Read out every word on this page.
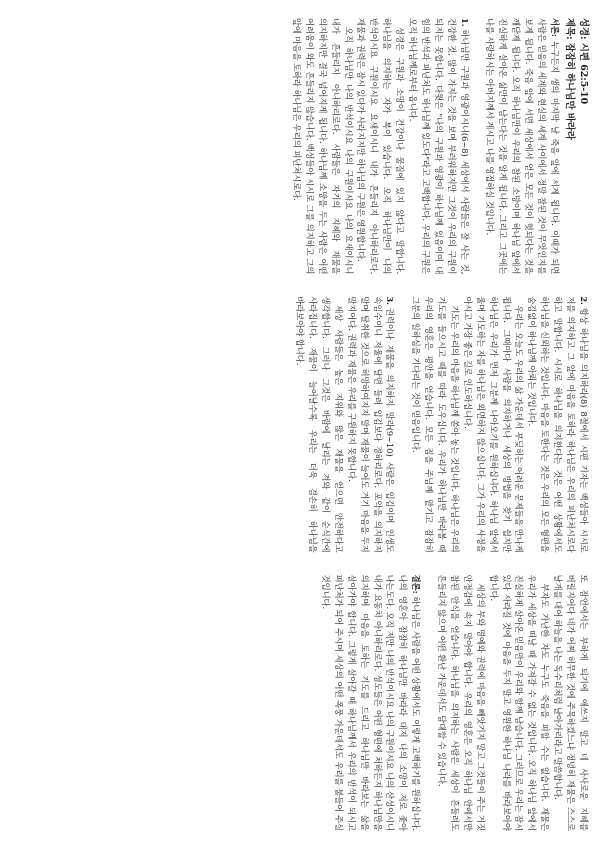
성경: 시편 62:5-10

제목: 잠잠히 하나님만 바라라

서론: 누구든지 생의 마지막 날 죽음 앞에 서게 됩니다. 이때가 되면 사람은 믿음의 세계와 현실의 세계 사이에서 정말 참된 것이 무엇인지를 보게 됩니다. 죽음 앞에 서면 세상에서 얻은 모든 것이 헛되다는 것을 깨닫게 됩니다. 오직 하나님만이 우리의 참된 소망이며 하나님 앞에서 진실하게 살아온 삶만이 남는다는 것을 알게 됩니다. 그리고 그곳에는 나를 사랑하시는 아버지께서 계시고 나를 영접하실 것입니다.

1.하나님만 구원과 영광이시니(6~8) 세상에서 사람들은 잘 사는 것, 건강한 것, 많이 가지는 것을 보며 부러워하지만 그것이 우리의 구원이 되지는 못합니다. 다윗은 "나의 구원과 영광이 하나님께 있음이여 내 힘의 반석과 피난처도 하나님께 있도다"라고 고백합니다. 우리의 구원은 오직 하나님께로부터 옵니다.

성경은 구원과 소망이 건강이나 물질에 있지 않다고 말합니다. 하나님을 의지하는 자가 복이 있습니다. 오직 하나님만이 나의 반석이시요 구원이시요 요새이시니 내가 흔들리지 아니하리로다. 재물과 권력은 잠시 있다가 사라지지만 하나님의 구원은 영원합니다.

오직 하나님만 나의 반석이시요 나의 구원이시요 나의 요새이시니 내가 흔들리지 아니하리로다. 사람들은 자기의 지혜와 재물을 의지하지만 결국 넘어지게 됩니다. 하나님께 소망을 두는 사람은 어떤 어려움이 와도 흔들리지 않습니다. 백성들아 시시로 그를 의지하고 그의 앞에 마음을 토하라 하나님은 우리의 피난처시로다.

2.항상 하나님을 의지하라(8) 8절에서 시편 기자는 백성들아 시시로 저를 의지하고 그 앞에 마음을 토하라 하나님은 우리의 피난처시로다 하고 말합니다. 시시로 하나님을 의지한다는 것은 어떤 상황에서도 하나님을 신뢰하는 것입니다. 마음을 토한다는 것은 우리의 모든 형편을 숨김없이 하나님께 아뢰는 것입니다.

우리는 오늘도 우리의 삶 가운데서 부딪히는 어려운 문제들을 만나게 됩니다. 그때마다 사람을 의지하거나 세상의 방법을 찾기 쉽지만 하나님은 우리가 먼저 그분께 나아오기를 원하십니다. 하나님 앞에서 울며 기도하는 자를 하나님은 외면하지 않으십니다. 그가 우리의 사정을 아시고 가장 좋은 길로 인도하십니다.

기도는 우리의 마음을 하나님께 쏟아 놓는 것입니다. 하나님은 우리의 기도를 들으시고 때를 따라 도우십니다. 우리가 하나님만 바라볼 때 우리의 영혼은 평안을 얻습니다. 모든 짐을 주님께 맡기고 잠잠히 그분의 일하심을 기다리는 것이 믿음입니다.

3.권력이나 재물을 의지하지 말라(9~10) 사람은 입김이며 인생도 속임수이니 저울에 달면 들려 입김보다 경하리로다. 포악을 의지하지 말며 탈취한 것으로 허망하여지지 말며 재물이 늘어도 거기 마음을 두지 말지어다. 권력과 재물은 우리를 구원하지 못합니다.

세상 사람들은 높은 지위와 많은 재물을 얻으면 안전하다고 생각합니다. 그러나 그것은 바람에 날리는 겨와 같이 순식간에 사라집니다. 재물이 늘어날수록 우리는 더욱 겸손히 하나님을 바라보아야 합니다.

또 잠언에서는 부하게 되기에 애쓰지 말고 네 사사로운 지혜를 버릴지어다 네가 어찌 허무한 것에 주목하겠느냐 정녕히 재물은 스스로 날개를 내어 하늘을 나는 독수리처럼 날아가리라고 말씀합니다.

부자도 가난한 자도 누구도 죽음을 피할 수는 없습니다. 재물은 우리가 세상을 떠날 때 가져갈 수 없는 것입니다. 오직 하나님 앞에서 진실하게 살아온 믿음만이 우리와 함께 남습니다. 그러므로 우리는 잠시 있다 사라질 것에 마음을 두지 말고 영원한 하나님 나라를 바라보아야 합니다.

세상의 부와 명예와 권력에 마음을 빼앗기지 말고 그것들이 주는 거짓 안정감에 속지 말아야 합니다. 우리의 영혼은 오직 하나님 안에서만 참된 안식을 얻습니다. 하나님을 의지하는 사람은 세상이 흔들려도 흔들리지 않으며 어떤 환난 가운데서도 담대할 수 있습니다.

결론: 하나님은 사람을 어떤 상황에서도 이렇게 고백하기를 원하십니다. 나의 영혼아 잠잠히 하나님만 바라라 대저 나의 소망이 저로 좇아 나는도다. 오직 저만 나의 반석이시요 나의 구원이시요 나의 산성이시니 내가 요동치 아니하리로다. 성도들은 어떤 형편에 처하든지 하나님만을 의지하며 마음을 토하는 기도를 드리고 하나님만 바라보는 삶을 살아가야 합니다. 그렇게 살아갈 때 하나님께서 우리의 반석이 되시고 피난처가 되어 주시며 세상의 어떤 폭풍 가운데서도 우리를 붙들어 주실 것입니다.
